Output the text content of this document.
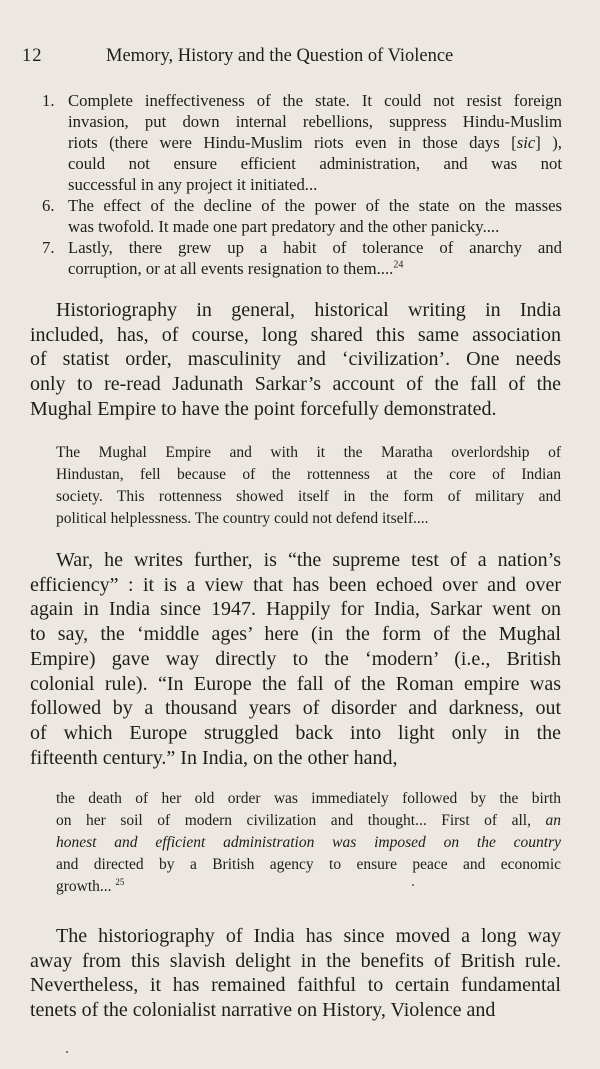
12	Memory, History and the Question of Violence
1. Complete ineffectiveness of the state. It could not resist foreign
invasion, put down internal rebellions, suppress Hindu-Muslim
riots (there were Hindu-Muslim riots even in those days [sic] ),
could not ensure efficient administration, and was not
successful in any project it initiated...
6. The effect of the decline of the power of the state on the masses
was twofold. It made one part predatory and the other panicky....
7. Lastly, there grew up a habit of tolerance of anarchy and
corruption, or at all events resignation to them....$^{24}$
Historiography in general, historical writing in India
included, has, of course, long shared this same association
of statist order, masculinity and ‘civilization’. One needs
only to re-read Jadunath Sarkar’s account of the fall of the
Mughal Empire to have the point forcefully demonstrated.
The Mughal Empire and with it the Maratha overlordship of
Hindustan, fell because of the rottenness at the core of Indian
society. This rottenness showed itself in the form of military and
political helplessness. The country could not defend itself....
War, he writes further, is “the supreme test of a nation’s
efficiency” : it is a view that has been echoed over and over
again in India since 1947. Happily for India, Sarkar went on
to say, the ‘middle ages’ here (in the form of the Mughal
Empire) gave way directly to the ‘modern’ (i.e., British
colonial rule). “In Europe the fall of the Roman empire was
followed by a thousand years of disorder and darkness, out
of which Europe struggled back into light only in the
fifteenth century.” In India, on the other hand,
the death of her old order was immediately followed by the birth
on her soil of modern civilization and thought... First of all, an
honest and efficient administration was imposed on the country
and directed by a British agency to ensure peace and economic
growth... $^{25}$
The historiography of India has since moved a long way
away from this slavish delight in the benefits of British rule.
Nevertheless, it has remained faithful to certain fundamental
tenets of the colonialist narrative on History, Violence and
